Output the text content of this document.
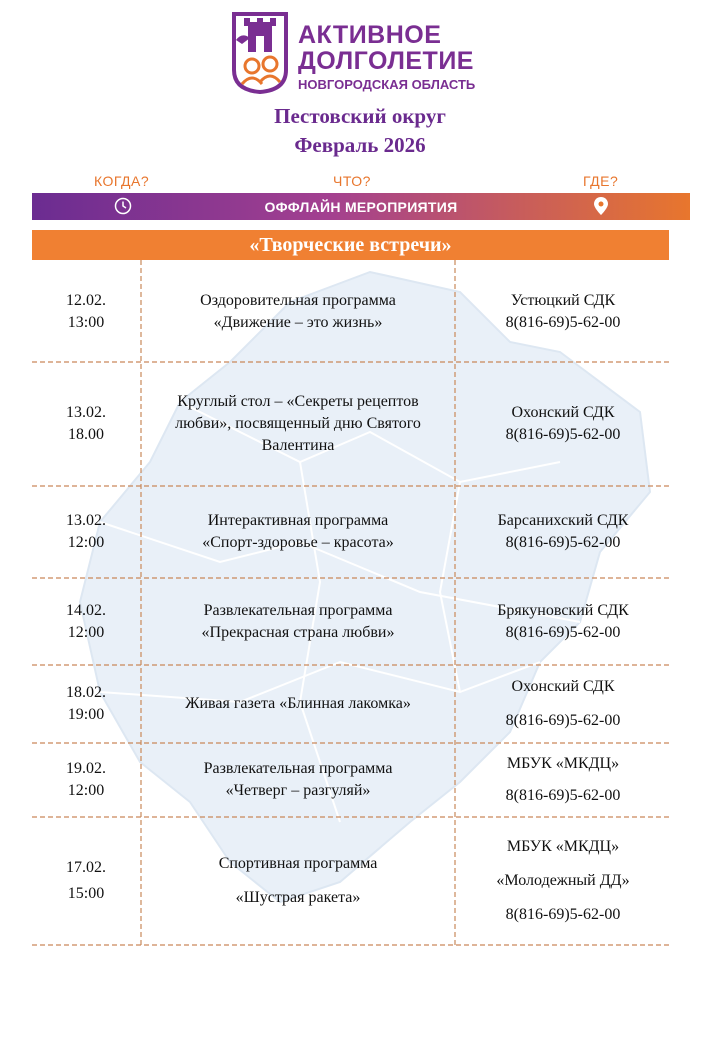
АКТИВНОЕ
ДОЛГОЛЕТИЕ
НОВГОРОДСКАЯ ОБЛАСТЬ
Пестовский округ
Февраль 2026
КОГДА?	ЧТО?	ГДЕ?
ОФФЛАЙН МЕРОПРИЯТИЯ
«Творческие встречи»
12.02.
13:00
Оздоровительная программа
«Движение – это жизнь»
Устюцкий СДК
8(816-69)5-62-00
13.02.
18.00
Круглый стол – «Секреты рецептов
любви», посвященный дню Святого
Валентина
Охонский СДК
8(816-69)5-62-00
13.02.
12:00
Интерактивная программа
«Спорт-здоровье – красота»
Барсанихский СДК
8(816-69)5-62-00
14.02.
12:00
Развлекательная программа
«Прекрасная страна любви»
Брякуновский СДК
8(816-69)5-62-00
18.02.
19:00
Живая газета «Блинная лакомка»
Охонский СДК
8(816-69)5-62-00
19.02.
12:00
Развлекательная программа
«Четверг – разгуляй»
МБУК «МКДЦ»
8(816-69)5-62-00
17.02.
15:00
Спортивная программа
«Шустрая ракета»
МБУК «МКДЦ»
«Молодежный ДД»
8(816-69)5-62-00
